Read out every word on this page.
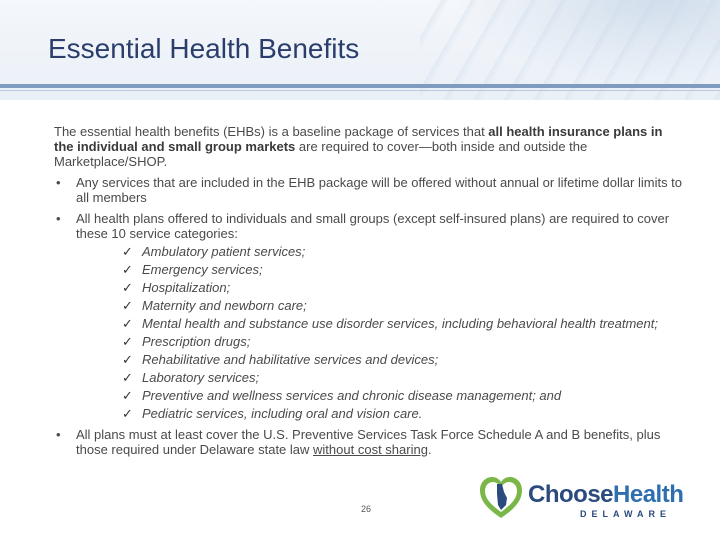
Essential Health Benefits

The essential health benefits (EHBs) is a baseline package of services that all health insurance plans in the individual and small group markets are required to cover—both inside and outside the Marketplace/SHOP.

• Any services that are included in the EHB package will be offered without annual or lifetime dollar limits to all members
• All health plans offered to individuals and small groups (except self-insured plans) are required to cover these 10 service categories:
✓ Ambulatory patient services;
✓ Emergency services;
✓ Hospitalization;
✓ Maternity and newborn care;
✓ Mental health and substance use disorder services, including behavioral health treatment;
✓ Prescription drugs;
✓ Rehabilitative and habilitative services and devices;
✓ Laboratory services;
✓ Preventive and wellness services and chronic disease management; and
✓ Pediatric services, including oral and vision care.
• All plans must at least cover the U.S. Preventive Services Task Force Schedule A and B benefits, plus those required under Delaware state law without cost sharing.
26
ChooseHealth
DELAWARE
